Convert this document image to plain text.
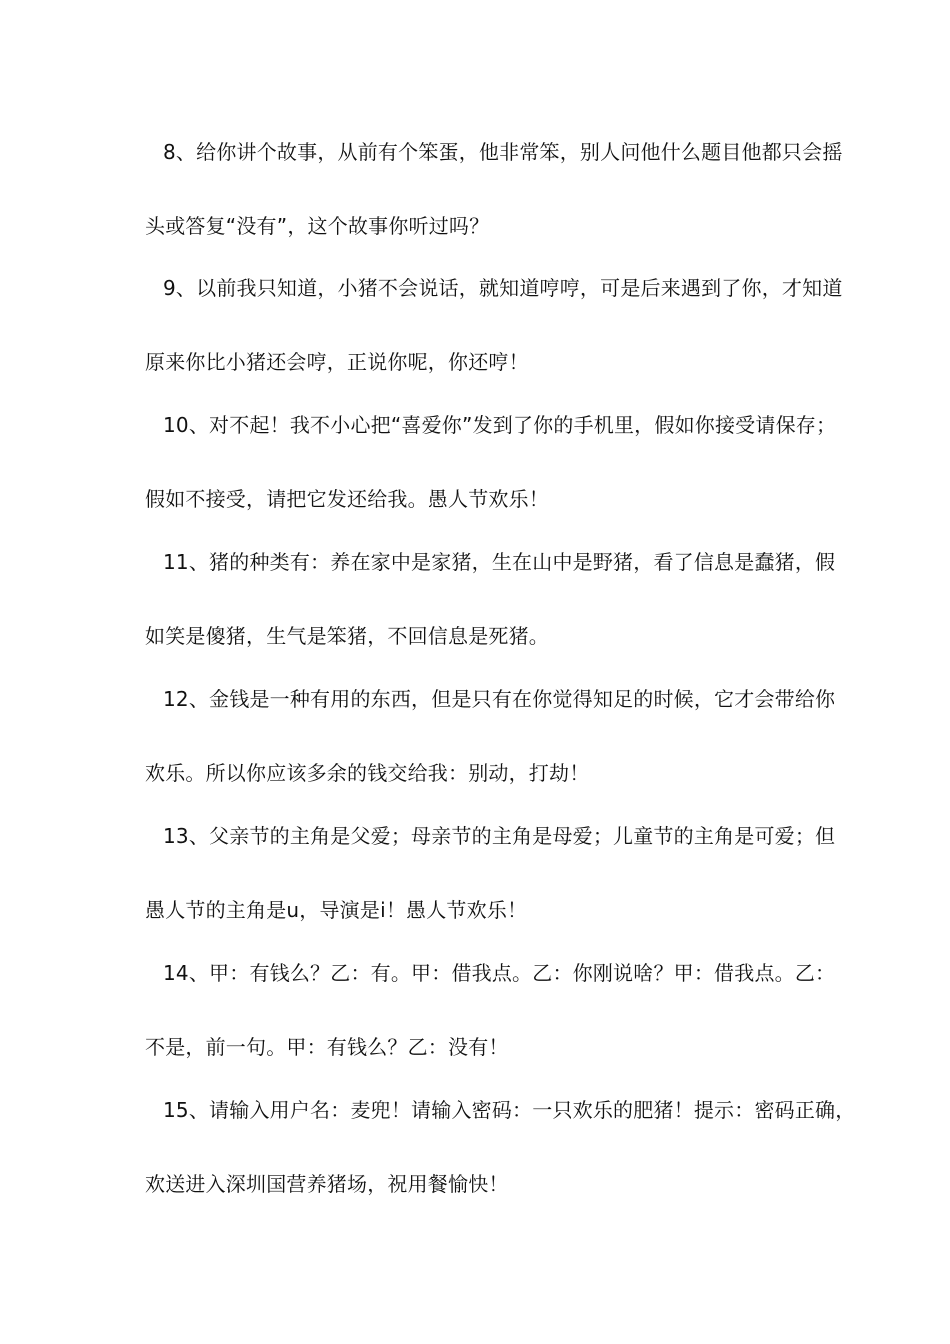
8、给你讲个故事，从前有个笨蛋，他非常笨，别人问他什么题目他都只会摇
头或答复“没有”，这个故事你听过吗？
9、以前我只知道，小猪不会说话，就知道哼哼，可是后来遇到了你，才知道
原来你比小猪还会哼，正说你呢，你还哼！
10、对不起！我不小心把“喜爱你”发到了你的手机里，假如你接受请保存；
假如不接受，请把它发还给我。愚人节欢乐！
11、猪的种类有：养在家中是家猪，生在山中是野猪，看了信息是蠢猪，假
如笑是傻猪，生气是笨猪，不回信息是死猪。
12、金钱是一种有用的东西，但是只有在你觉得知足的时候，它才会带给你
欢乐。所以你应该多余的钱交给我：别动，打劫！
13、父亲节的主角是父爱；母亲节的主角是母爱；儿童节的主角是可爱；但
愚人节的主角是u，导演是i！愚人节欢乐！
14、甲：有钱么？乙：有。甲：借我点。乙：你刚说啥？甲：借我点。乙：
不是，前一句。甲：有钱么？乙：没有！
15、请输入用户名：麦兜！请输入密码：一只欢乐的肥猪！提示：密码正确，
欢送进入深圳国营养猪场，祝用餐愉快！
